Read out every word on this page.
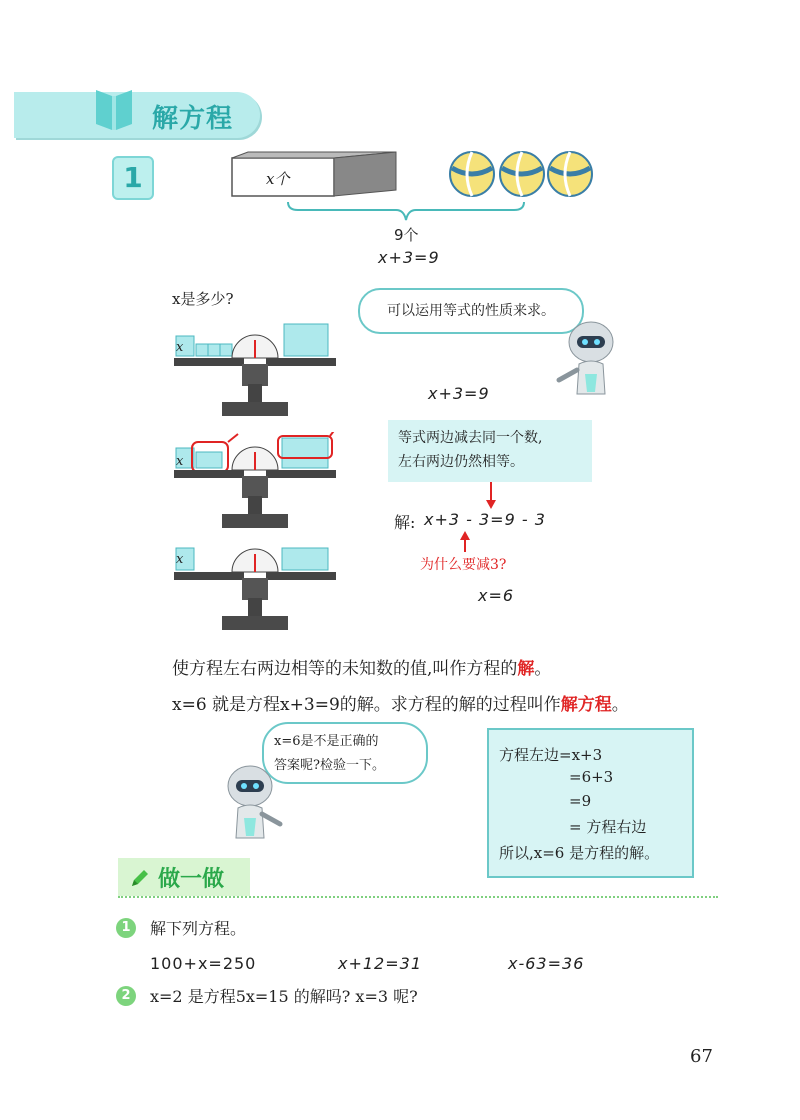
解方程
1	x个
9个
x+3=9
x是多少?
可以运用等式的性质来求。
x
x
x
x+3=9
等式两边减去同一个数,
左右两边仍然相等。
解: x+3 - 3=9 - 3
为什么要减3?
x=6
使方程左右两边相等的未知数的值,叫作方程的解。
x=6 就是方程x+3=9的解。求方程的解的过程叫作解方程。
x=6是不是正确的
答案呢?检验一下。
方程左边=x+3
=6+3
=9
= 方程右边
所以,x=6 是方程的解。
做一做
1	解下列方程。
100+x=250	x+12=31	x-63=36
2	x=2 是方程5x=15 的解吗? x=3 呢?
67
